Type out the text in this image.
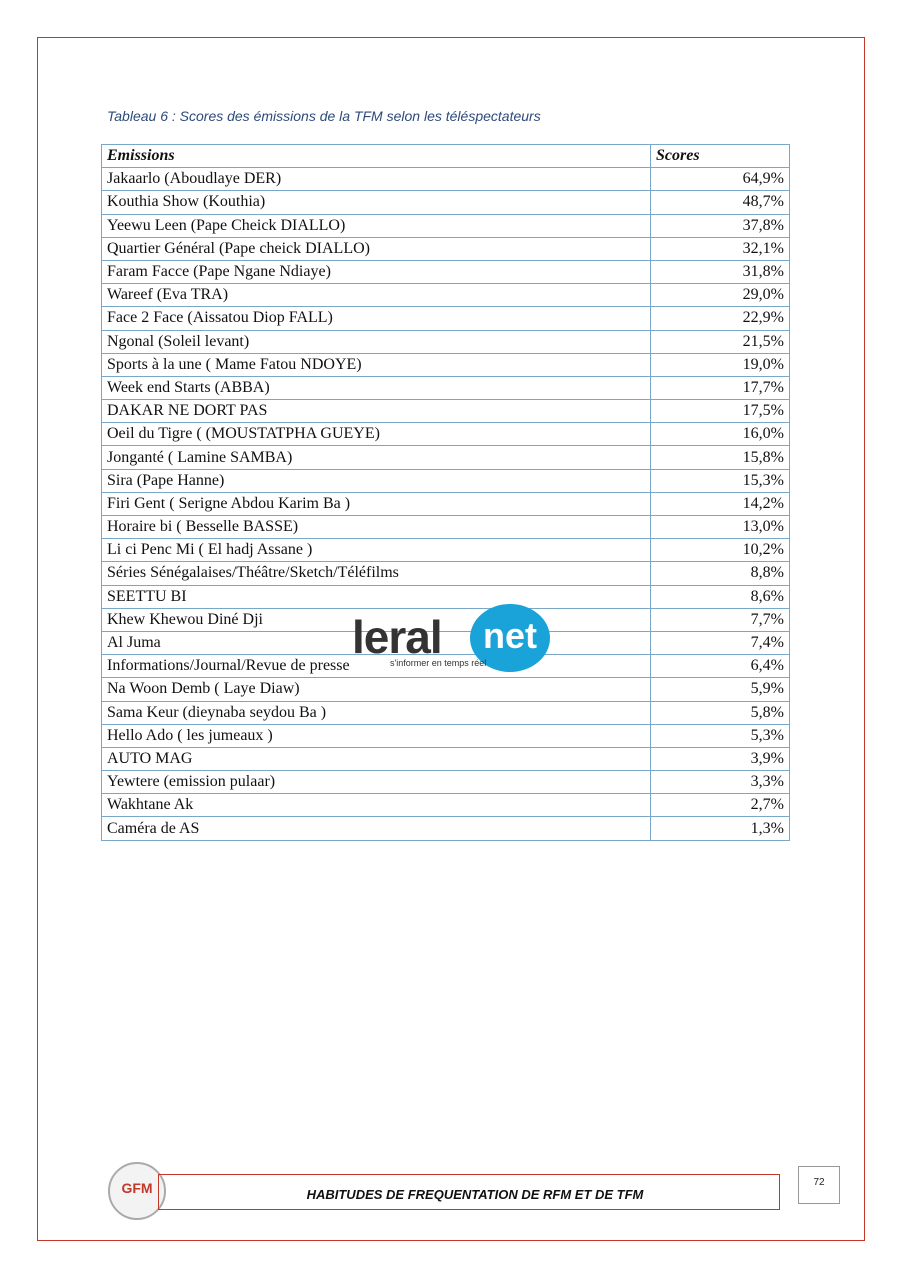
Tableau 6 : Scores des émissions de la TFM selon les téléspectateurs
Emissions	Scores
Jakaarlo (Aboudlaye DER)	64,9%
Kouthia Show (Kouthia)	48,7%
Yeewu Leen (Pape Cheick DIALLO)	37,8%
Quartier Général (Pape cheick DIALLO)	32,1%
Faram Facce (Pape Ngane Ndiaye)	31,8%
Wareef (Eva TRA)	29,0%
Face 2 Face (Aissatou Diop FALL)	22,9%
Ngonal (Soleil levant)	21,5%
Sports à la une ( Mame Fatou NDOYE)	19,0%
Week end Starts (ABBA)	17,7%
DAKAR NE DORT PAS	17,5%
Oeil du Tigre ( (MOUSTATPHA GUEYE)	16,0%
Jonganté ( Lamine SAMBA)	15,8%
Sira (Pape Hanne)	15,3%
Firi Gent ( Serigne Abdou Karim Ba )	14,2%
Horaire bi ( Besselle BASSE)	13,0%
Li ci Penc Mi ( El hadj Assane )	10,2%
Séries Sénégalaises/Théâtre/Sketch/Téléfilms	8,8%
SEETTU BI	8,6%
Khew Khewou Diné Dji	7,7%
Al Juma	7,4%
Informations/Journal/Revue de presse	6,4%
Na Woon Demb ( Laye Diaw)	5,9%
Sama Keur (dieynaba seydou Ba )	5,8%
Hello Ado ( les jumeaux )	5,3%
AUTO MAG	3,9%
Yewtere (emission pulaar)	3,3%
Wakhtane Ak	2,7%
Caméra de AS	1,3%
leral	net
s'informer en temps réel
GFM	HABITUDES DE FREQUENTATION DE RFM ET DE TFM
72
